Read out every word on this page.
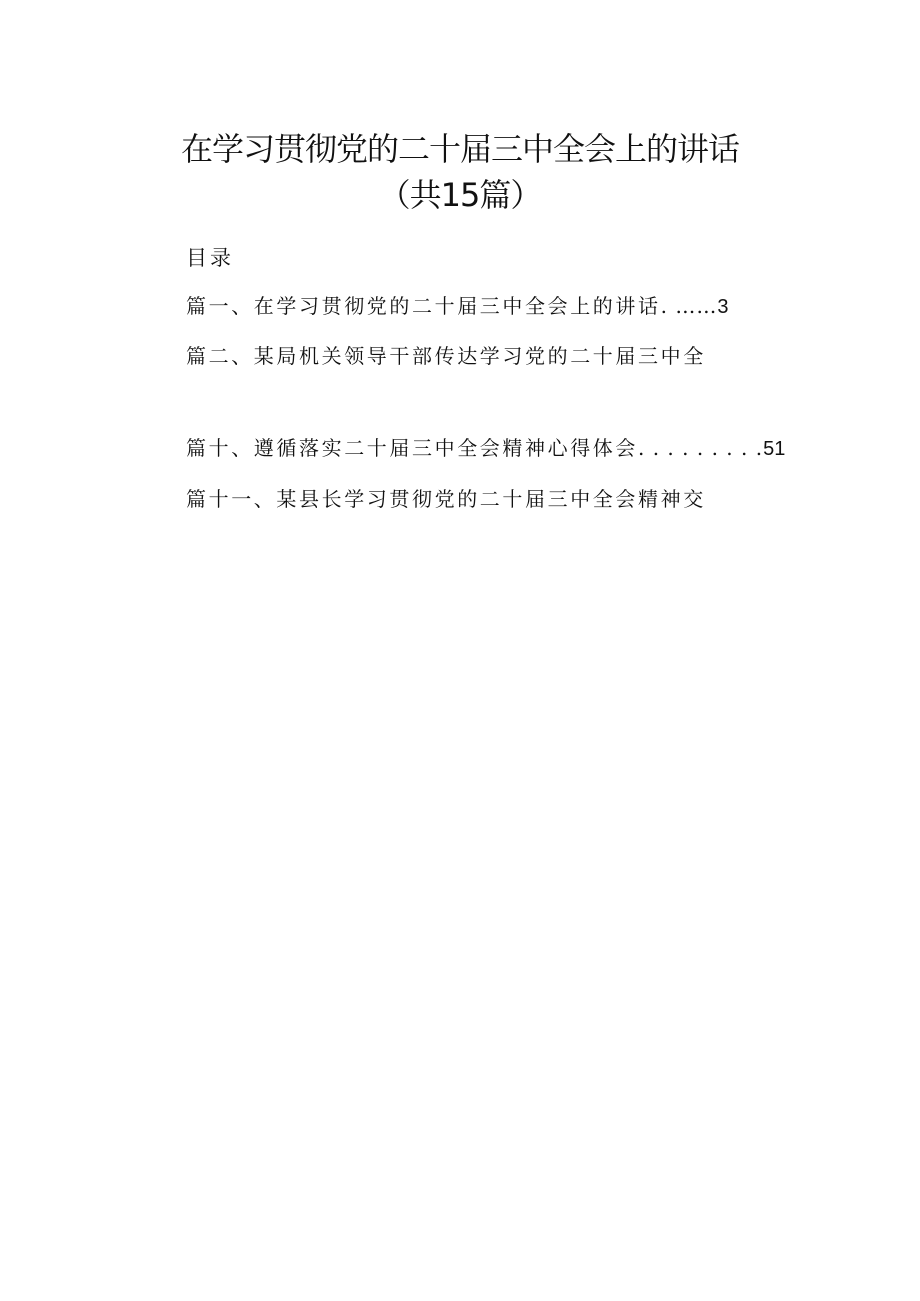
在学习贯彻党的二十届三中全会上的讲话
（共15篇）
目录
篇一、在学习贯彻党的二十届三中全会上的讲话. ……3
篇二、某局机关领导干部传达学习党的二十届三中全
篇十、遵循落实二十届三中全会精神心得体会. . . . . . . . .51
篇十一、某县长学习贯彻党的二十届三中全会精神交
